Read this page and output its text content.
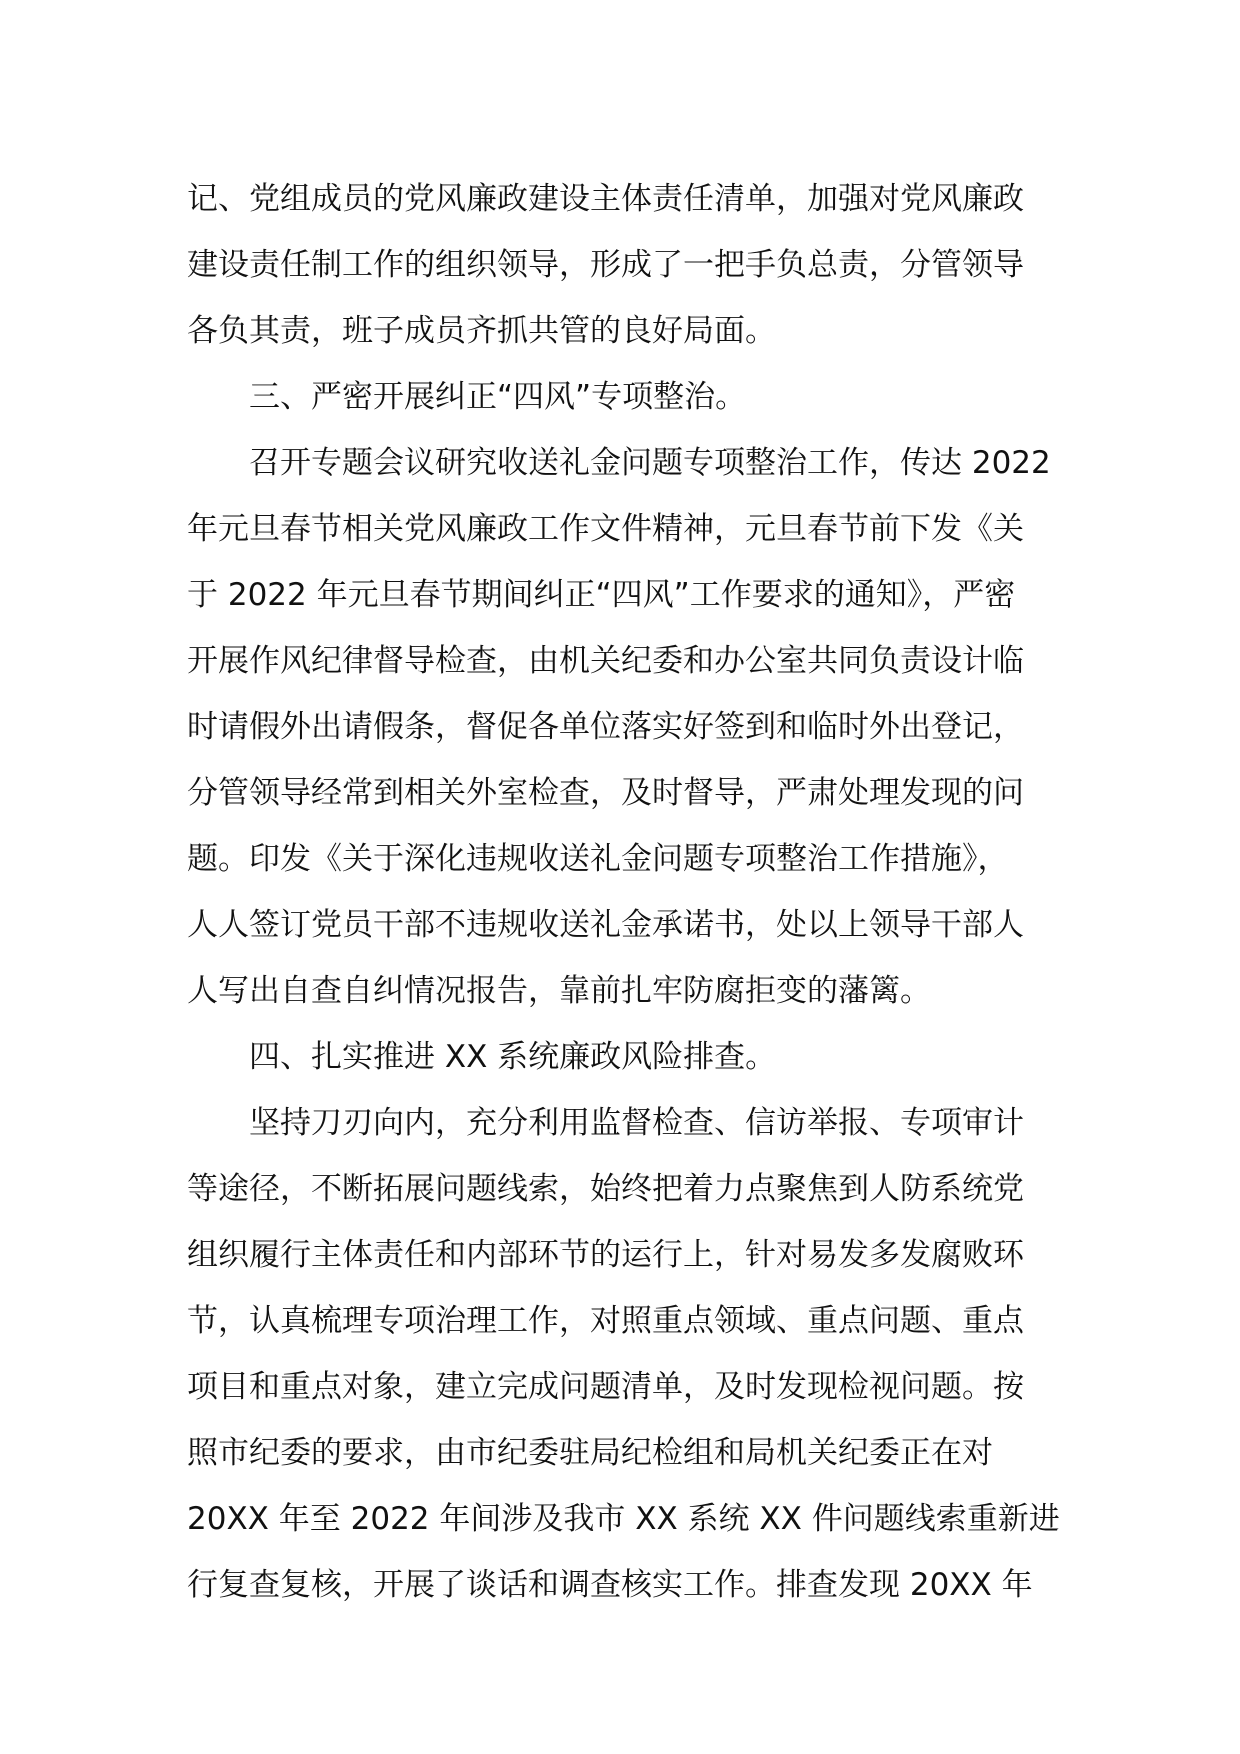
记、党组成员的党风廉政建设主体责任清单，加强对党风廉政
建设责任制工作的组织领导，形成了一把手负总责，分管领导
各负其责，班子成员齐抓共管的良好局面。
三、严密开展纠正“四风”专项整治。
召开专题会议研究收送礼金问题专项整治工作，传达 2022
年元旦春节相关党风廉政工作文件精神，元旦春节前下发《关
于 2022 年元旦春节期间纠正“四风”工作要求的通知》，严密
开展作风纪律督导检查，由机关纪委和办公室共同负责设计临
时请假外出请假条，督促各单位落实好签到和临时外出登记，
分管领导经常到相关外室检查，及时督导，严肃处理发现的问
题。印发《关于深化违规收送礼金问题专项整治工作措施》，
人人签订党员干部不违规收送礼金承诺书，处以上领导干部人
人写出自查自纠情况报告，靠前扎牢防腐拒变的藩篱。
四、扎实推进 XX 系统廉政风险排查。
坚持刀刃向内，充分利用监督检查、信访举报、专项审计
等途径，不断拓展问题线索，始终把着力点聚焦到人防系统党
组织履行主体责任和内部环节的运行上，针对易发多发腐败环
节，认真梳理专项治理工作，对照重点领域、重点问题、重点
项目和重点对象，建立完成问题清单，及时发现检视问题。按
照市纪委的要求，由市纪委驻局纪检组和局机关纪委正在对
20XX 年至 2022 年间涉及我市 XX 系统 XX 件问题线索重新进
行复查复核，开展了谈话和调查核实工作。排查发现 20XX 年
